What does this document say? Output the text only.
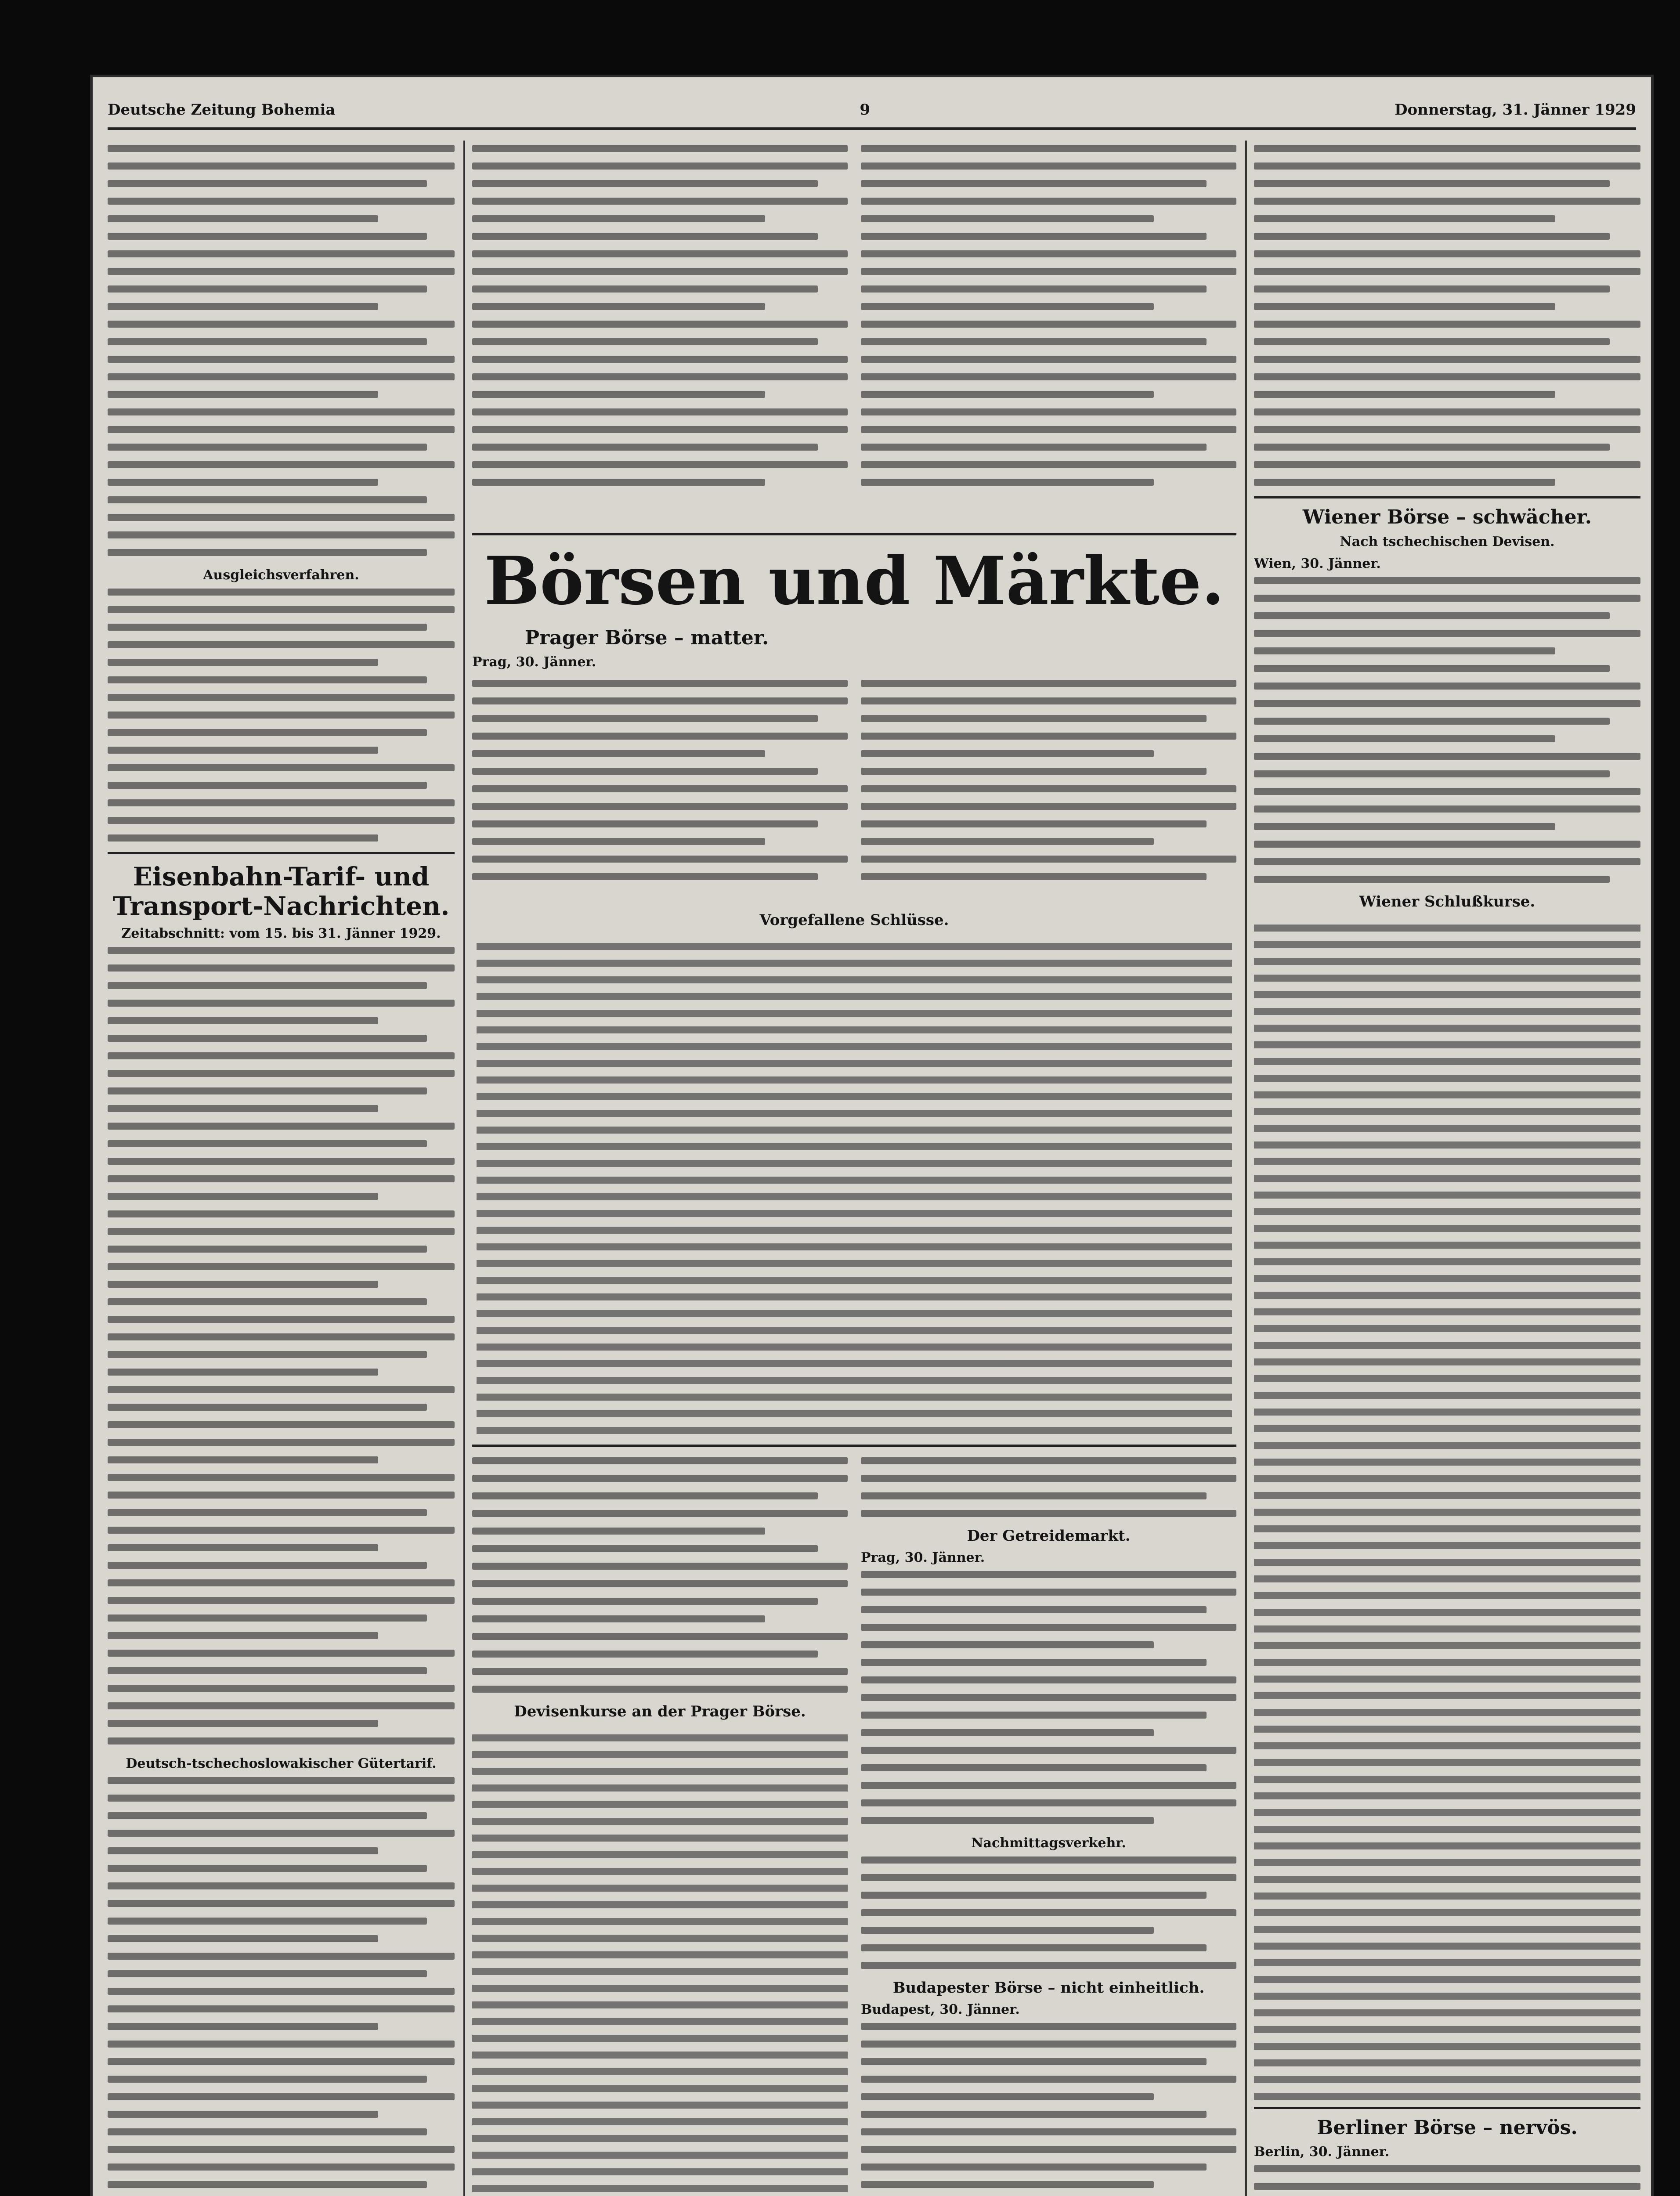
Deutsche Zeitung Bohemia	9	Donnerstag, 31. Jänner 1929
Ausgleichsverfahren.
Eisenbahn-Tarif- und Transport-Nachrichten.
Zeitabschnitt: vom 15. bis 31. Jänner 1929.
Deutsch-tschechoslowakischer Gütertarif.
Börsen und Märkte.
Prager Börse – matter.
Prag, 30. Jänner.
Vorgefallene Schlüsse.
Devisenkurse an der Prager Börse.
Der Getreidemarkt.
Prag, 30. Jänner.
Nachmittagsverkehr.
Budapester Börse – nicht einheitlich.
Budapest, 30. Jänner.
Wiener Börse – schwächer.
Nach tschechischen Devisen.
Wien, 30. Jänner.
Wiener Schlußkurse.
Berliner Börse – nervös.
Berlin, 30. Jänner.
